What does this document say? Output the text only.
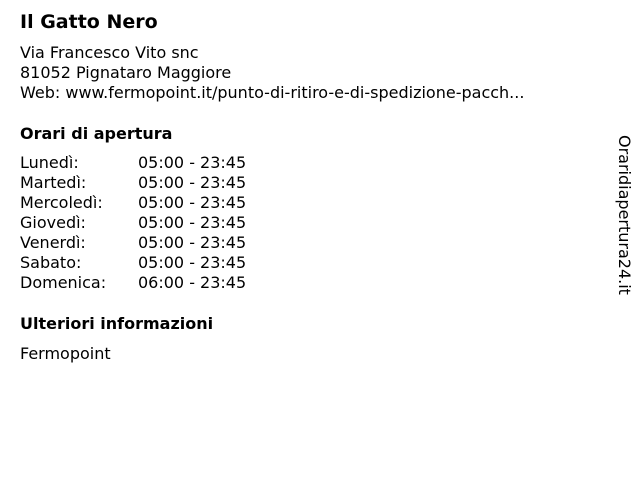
Il Gatto Nero
Via Francesco Vito snc
81052 Pignataro Maggiore
Web: www.fermopoint.it/punto-di-ritiro-e-di-spedizione-pacch...
Orari di apertura
Lunedì:	05:00 - 23:45
Martedì:	05:00 - 23:45
Mercoledì: 05:00 - 23:45
Giovedì:	05:00 - 23:45
Venerdì:	05:00 - 23:45
Sabato:	05:00 - 23:45
Domenica: 06:00 - 23:45
Ulteriori informazioni
Fermopoint
Oraridiapertura24.it
